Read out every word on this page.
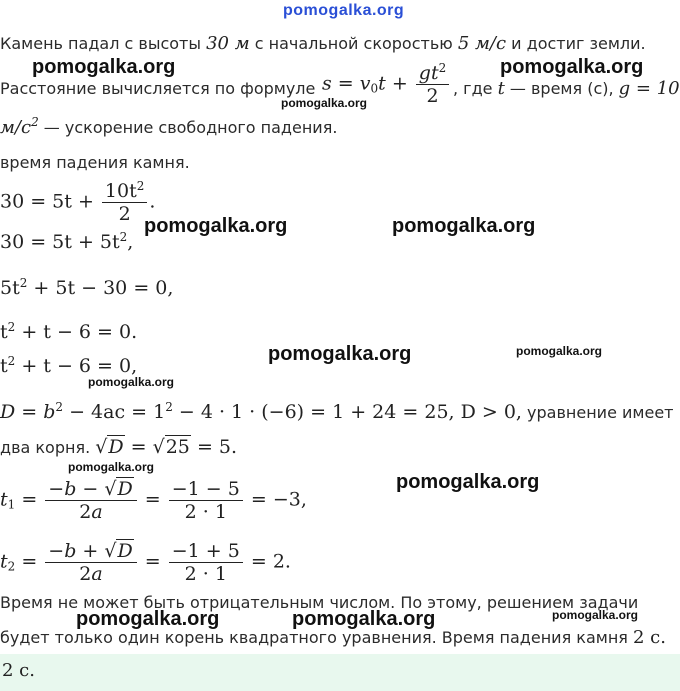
pomogalka.org
Камень падал с высоты 30 м с начальной скоростью 5 м/с и достиг земли.
pomogalka.org	pomogalka.org
Расстояние вычисляется по формуле $s = v_0t + \frac{gt^2}{2}$ , где t — время (с), g = 10
pomogalka.org
$м/с^2$ — ускорение свободного падения.
время падения камня.
$30 = 5t + \frac{10t^2}{2}$ .
$30 = 5t + 5t^2$,
pomogalka.org	pomogalka.org
$5t^2 + 5t - 30 = 0$,
$t^2 + t - 6 = 0$.
$t^2 + t - 6 = 0$,
pomogalka.org	pomogalka.org
pomogalka.org
$D = b^2 - 4ac = 1^2 - 4 \cdot 1 \cdot (-6) = 1 + 24 = 25$, D > 0, уравнение имеет
два корня. √D = √25 = 5.
pomogalka.org
pomogalka.org
$t_1 = \frac{-b - √D}{2a} = \frac{-1 - 5}{2 \cdot 1} = -3$,
$t_2 = \frac{-b + √D}{2a} = \frac{-1 + 5}{2 \cdot 1} = 2$.
Время не может быть отрицательным числом. По этому, решением задачи
pomogalka.org	pomogalka.org	pomogalka.org
будет только один корень квадратного уравнения. Время падения камня 2 с.
2 с.
